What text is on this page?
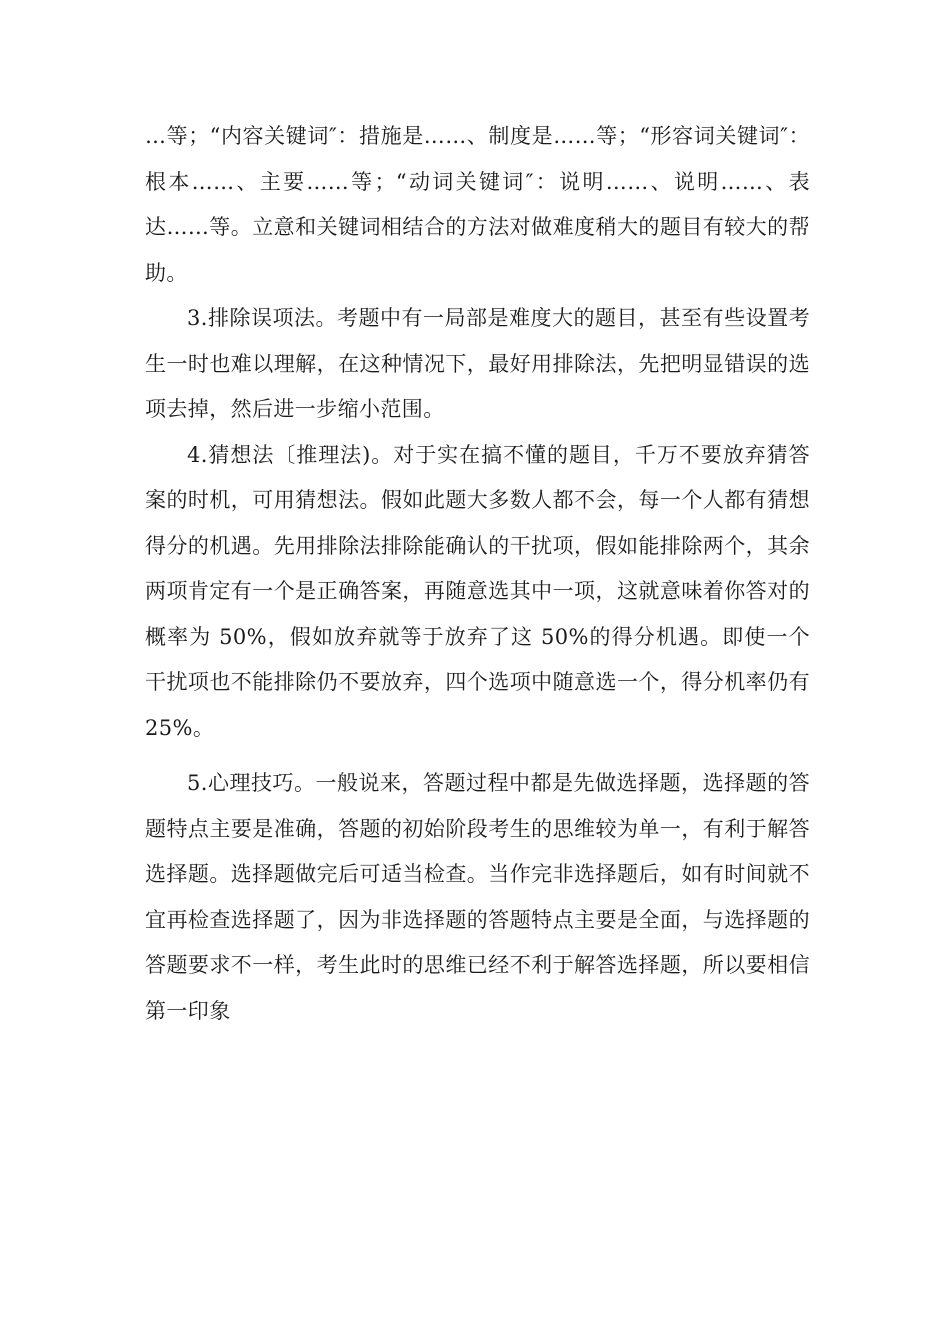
…等；“内容关键词″：措施是……、制度是……等；“形容词关键词″：根本……、主要……等；“动词关键词″：说明……、说明……、表达……等。立意和关键词相结合的方法对做难度稍大的题目有较大的帮助。

3.排除误项法。考题中有一局部是难度大的题目，甚至有些设置考生一时也难以理解，在这种情况下，最好用排除法，先把明显错误的选项去掉，然后进一步缩小范围。

4.猜想法〔推理法)。对于实在搞不懂的题目，千万不要放弃猜答案的时机，可用猜想法。假如此题大多数人都不会，每一个人都有猜想得分的机遇。先用排除法排除能确认的干扰项，假如能排除两个，其余两项肯定有一个是正确答案，再随意选其中一项，这就意味着你答对的概率为 50%，假如放弃就等于放弃了这 50%的得分机遇。即使一个干扰项也不能排除仍不要放弃，四个选项中随意选一个，得分机率仍有 25%。

5.心理技巧。一般说来，答题过程中都是先做选择题，选择题的答题特点主要是准确，答题的初始阶段考生的思维较为单一，有利于解答选择题。选择题做完后可适当检查。当作完非选择题后，如有时间就不宜再检查选择题了，因为非选择题的答题特点主要是全面，与选择题的答题要求不一样，考生此时的思维已经不利于解答选择题，所以要相信第一印象
